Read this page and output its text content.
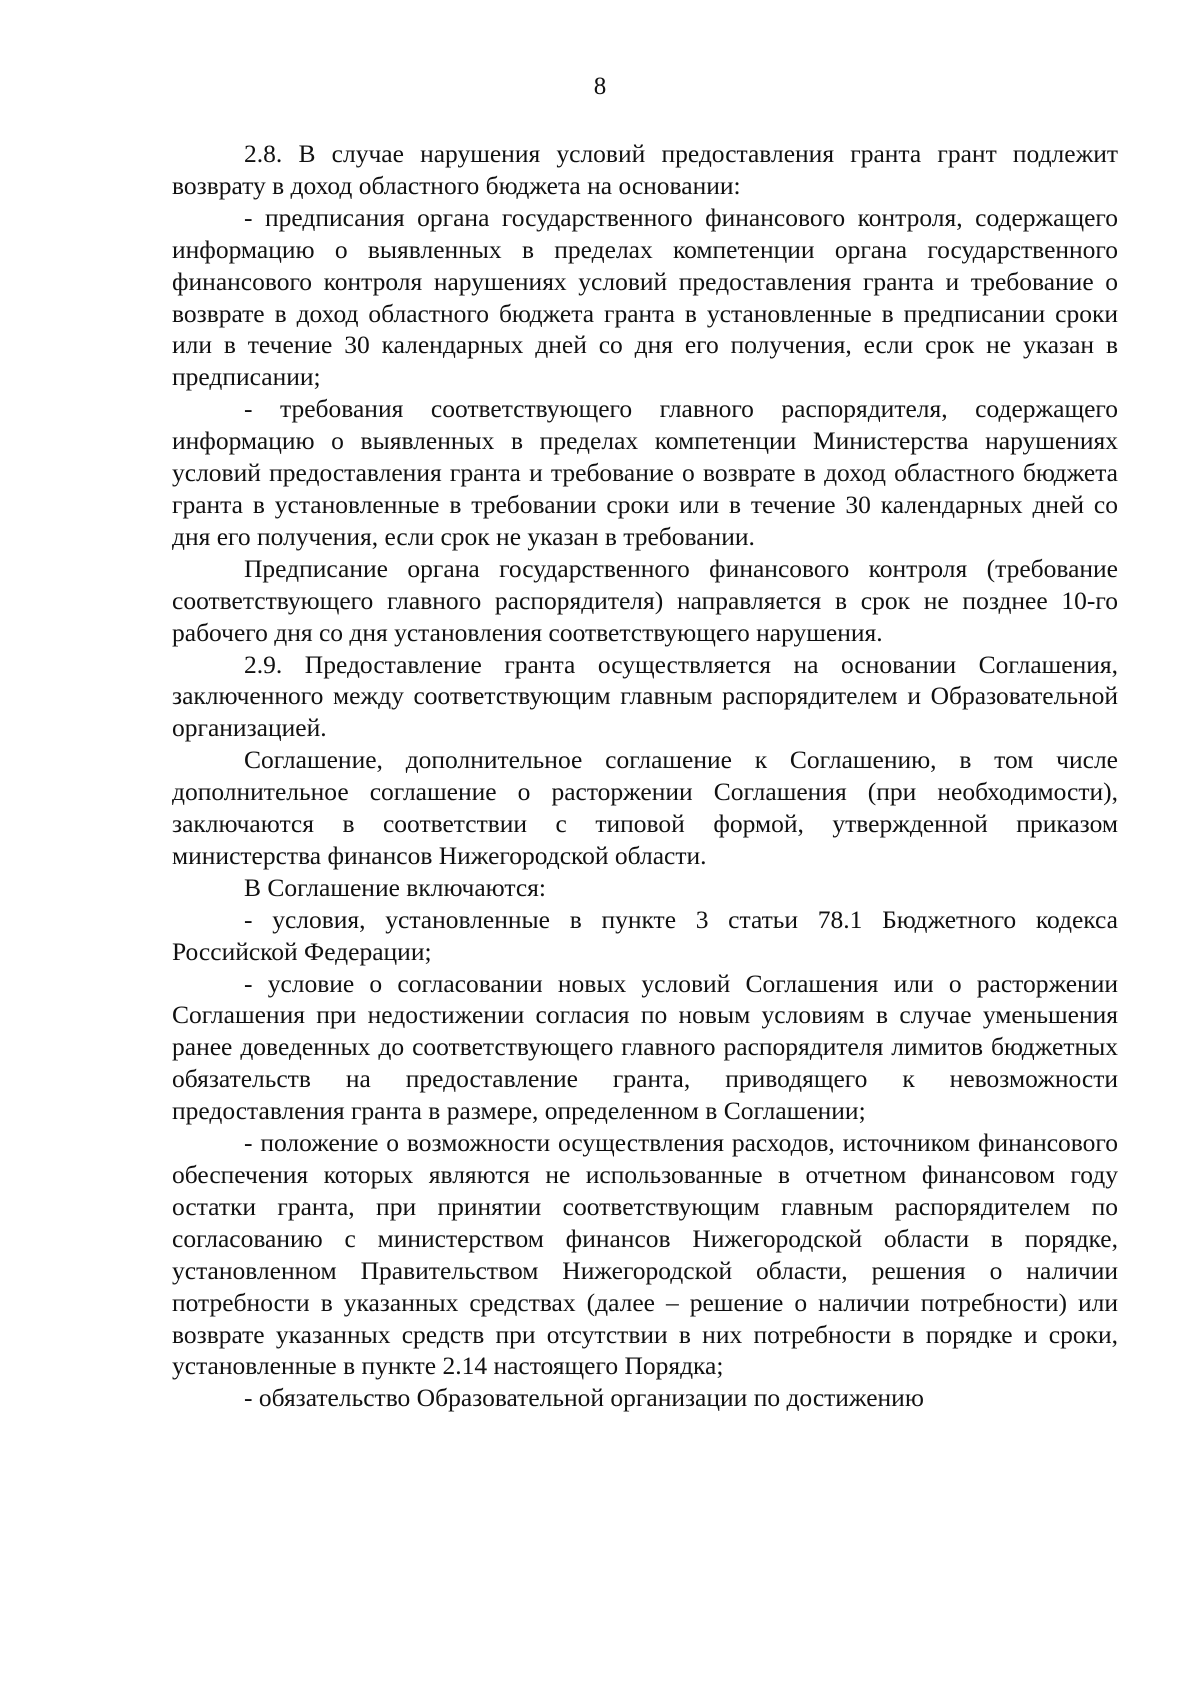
8

2.8. В случае нарушения условий предоставления гранта грант подлежит возврату в доход областного бюджета на основании:

- предписания органа государственного финансового контроля, содержащего информацию о выявленных в пределах компетенции органа государственного финансового контроля нарушениях условий предоставления гранта и требование о возврате в доход областного бюджета гранта в установленные в предписании сроки или в течение 30 календарных дней со дня его получения, если срок не указан в предписании;

- требования соответствующего главного распорядителя, содержащего информацию о выявленных в пределах компетенции Министерства нарушениях условий предоставления гранта и требование о возврате в доход областного бюджета гранта в установленные в требовании сроки или в течение 30 календарных дней со дня его получения, если срок не указан в требовании.

Предписание органа государственного финансового контроля (требование соответствующего главного распорядителя) направляется в срок не позднее 10-го рабочего дня со дня установления соответствующего нарушения.

2.9. Предоставление гранта осуществляется на основании Соглашения, заключенного между соответствующим главным распорядителем и Образовательной организацией.

Соглашение, дополнительное соглашение к Соглашению, в том числе дополнительное соглашение о расторжении Соглашения (при необходимости), заключаются в соответствии с типовой формой, утвержденной приказом министерства финансов Нижегородской области.

В Соглашение включаются:

- условия, установленные в пункте 3 статьи 78.1 Бюджетного кодекса Российской Федерации;

- условие о согласовании новых условий Соглашения или о расторжении Соглашения при недостижении согласия по новым условиям в случае уменьшения ранее доведенных до соответствующего главного распорядителя лимитов бюджетных обязательств на предоставление гранта, приводящего к невозможности предоставления гранта в размере, определенном в Соглашении;

- положение о возможности осуществления расходов, источником финансового обеспечения которых являются не использованные в отчетном финансовом году остатки гранта, при принятии соответствующим главным распорядителем по согласованию с министерством финансов Нижегородской области в порядке, установленном Правительством Нижегородской области, решения о наличии потребности в указанных средствах (далее – решение о наличии потребности) или возврате указанных средств при отсутствии в них потребности в порядке и сроки, установленные в пункте 2.14 настоящего Порядка;

- обязательство Образовательной организации по достижению
